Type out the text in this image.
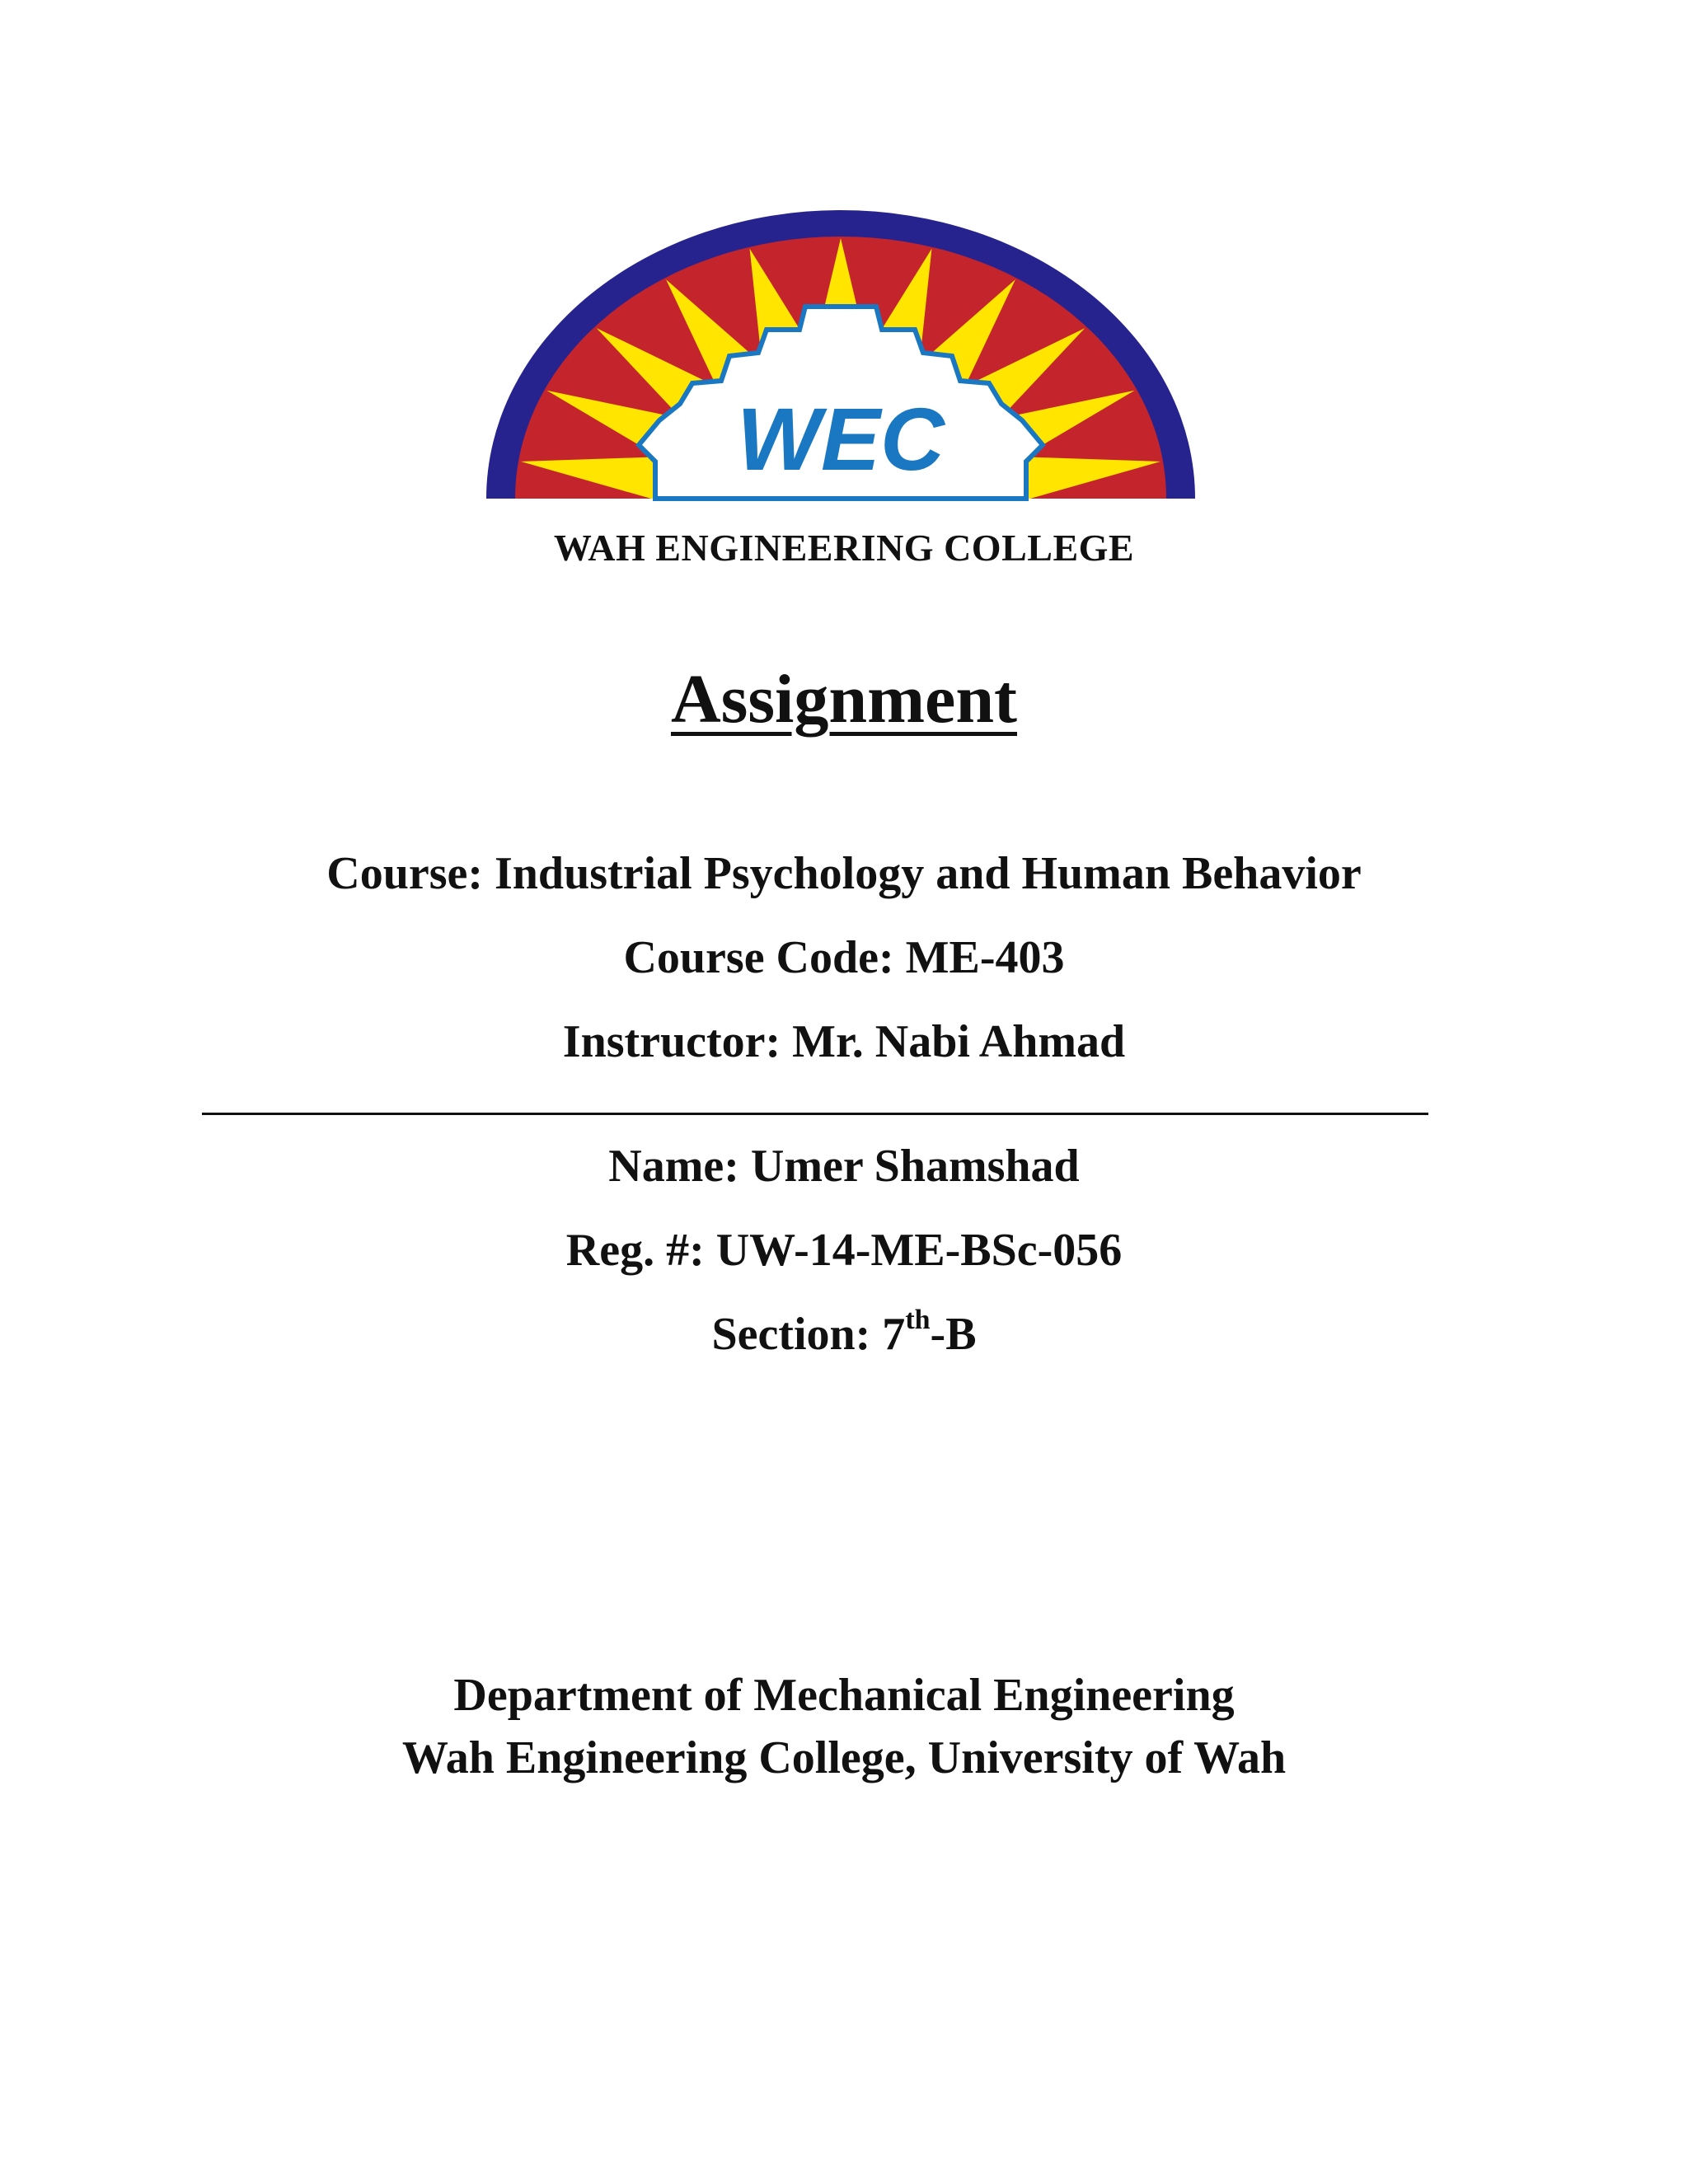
WEC
WAH ENGINEERING COLLEGE
Assignment
Course: Industrial Psychology and Human Behavior
Course Code: ME-403
Instructor: Mr. Nabi Ahmad
Name: Umer Shamshad
Reg. #: UW-14-ME-BSc-056
Section: 7th-B
Department of Mechanical Engineering
Wah Engineering College, University of Wah
